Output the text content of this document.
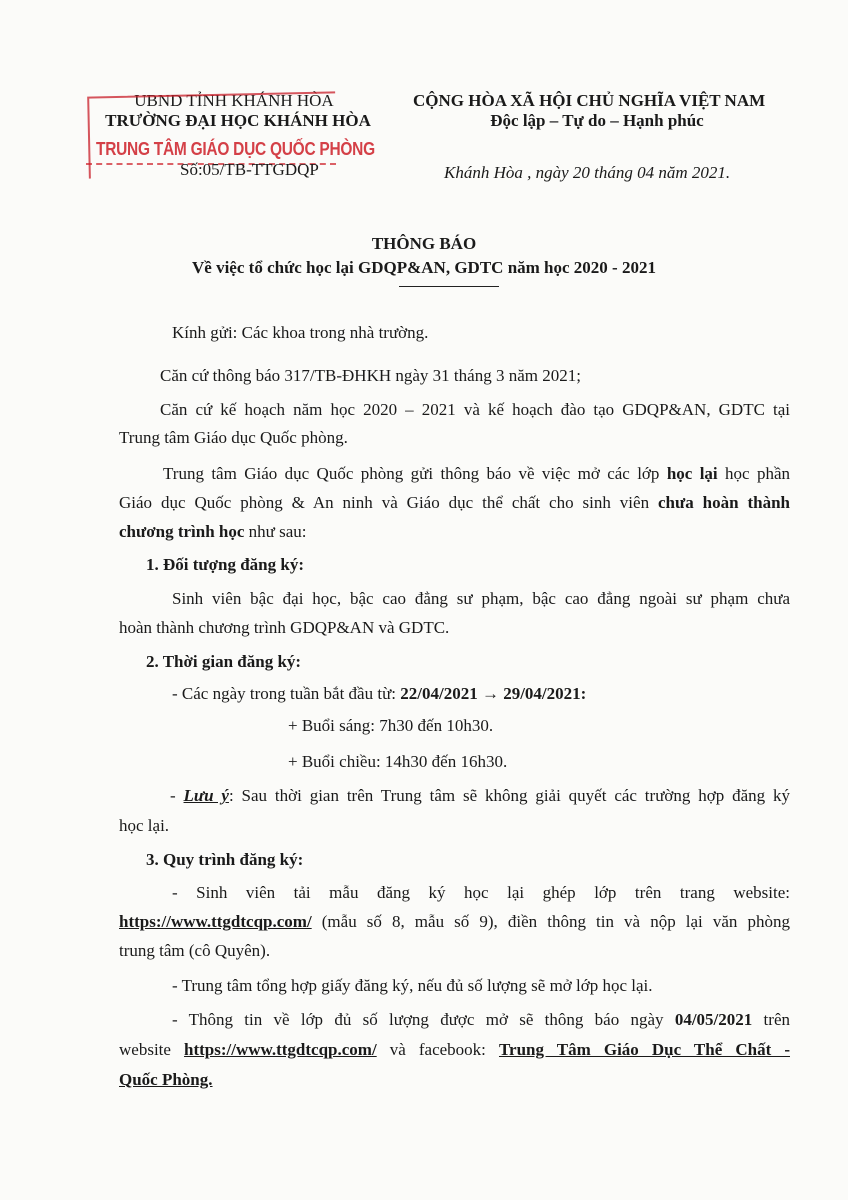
UBND TỈNH KHÁNH HÒA
TRƯỜNG ĐẠI HỌC KHÁNH HÒA
TRUNG TÂM GIÁO DỤC QUỐC PHÒNG
Số:05/TB-TTGDQP
CỘNG HÒA XÃ HỘI CHỦ NGHĨA VIỆT NAM
Độc lập – Tự do – Hạnh phúc
Khánh Hòa , ngày 20 tháng 04 năm 2021.
THÔNG BÁO
Về việc tổ chức học lại GDQP&AN, GDTC năm học 2020 - 2021
Kính gửi: Các khoa trong nhà trường.
Căn cứ thông báo 317/TB-ĐHKH ngày 31 tháng 3 năm 2021;
Căn cứ kế hoạch năm học 2020 – 2021 và kế hoạch đào tạo GDQP&AN, GDTC tại
Trung tâm Giáo dục Quốc phòng.
Trung tâm Giáo dục Quốc phòng gửi thông báo về việc mở các lớp học lại học phần
Giáo dục Quốc phòng & An ninh và Giáo dục thể chất cho sinh viên chưa hoàn thành
chương trình học như sau:
1. Đối tượng đăng ký:
Sinh viên bậc đại học, bậc cao đẳng sư phạm, bậc cao đẳng ngoài sư phạm chưa
hoàn thành chương trình GDQP&AN và GDTC.
2. Thời gian đăng ký:
- Các ngày trong tuần bắt đầu từ: 22/04/2021 → 29/04/2021:
+ Buổi sáng: 7h30 đến 10h30.
+ Buổi chiều: 14h30 đến 16h30.
- Lưu ý: Sau thời gian trên Trung tâm sẽ không giải quyết các trường hợp đăng ký
học lại.
3. Quy trình đăng ký:
- Sinh viên tải mẫu đăng ký học lại ghép lớp trên trang website:
https://www.ttgdtcqp.com/ (mẫu số 8, mẫu số 9), điền thông tin và nộp lại văn phòng
trung tâm (cô Quyên).
- Trung tâm tổng hợp giấy đăng ký, nếu đủ số lượng sẽ mở lớp học lại.
- Thông tin về lớp đủ số lượng được mở sẽ thông báo ngày 04/05/2021 trên
website https://www.ttgdtcqp.com/ và facebook: Trung Tâm Giáo Dục Thể Chất -
Quốc Phòng.
